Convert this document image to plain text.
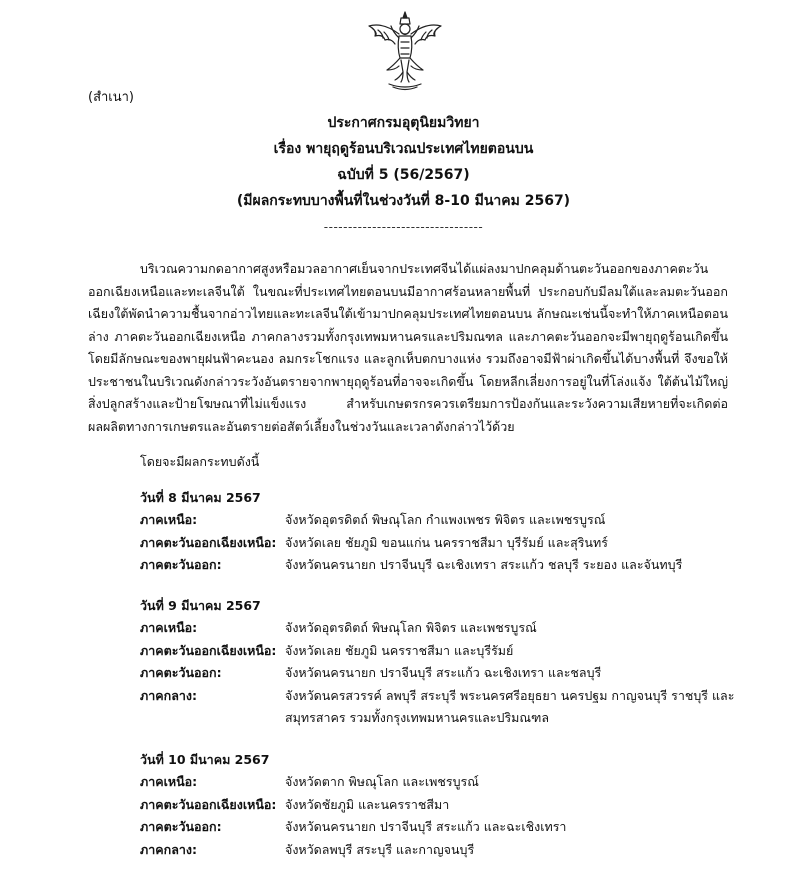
(สำเนา)
ประกาศกรมอุตุนิยมวิทยา
เรื่อง พายุฤดูร้อนบริเวณประเทศไทยตอนบน
ฉบับที่ 5 (56/2567)
(มีผลกระทบบางพื้นที่ในช่วงวันที่ 8-10 มีนาคม 2567)
---------------------------------
บริเวณความกดอากาศสูงหรือมวลอากาศเย็นจากประเทศจีนได้แผ่ลงมาปกคลุมด้านตะวันออกของภาคตะวันออกเฉียงเหนือและทะเลจีนใต้ ในขณะที่ประเทศไทยตอนบนมีอากาศร้อนหลายพื้นที่ ประกอบกับมีลมใต้และลมตะวันออกเฉียงใต้พัดนำความชื้นจากอ่าวไทยและทะเลจีนใต้เข้ามาปกคลุมประเทศไทยตอนบน ลักษณะเช่นนี้จะทำให้ภาคเหนือตอนล่าง ภาคตะวันออกเฉียงเหนือ ภาคกลางรวมทั้งกรุงเทพมหานครและปริมณฑล และภาคตะวันออกจะมีพายุฤดูร้อนเกิดขึ้น โดยมีลักษณะของพายุฝนฟ้าคะนอง ลมกระโชกแรง และลูกเห็บตกบางแห่ง รวมถึงอาจมีฟ้าผ่าเกิดขึ้นได้บางพื้นที่ จึงขอให้ประชาชนในบริเวณดังกล่าวระวังอันตรายจากพายุฤดูร้อนที่อาจจะเกิดขึ้น โดยหลีกเลี่ยงการอยู่ในที่โล่งแจ้ง ใต้ต้นไม้ใหญ่ สิ่งปลูกสร้างและป้ายโฆษณาที่ไม่แข็งแรง สำหรับเกษตรกรควรเตรียมการป้องกันและระวังความเสียหายที่จะเกิดต่อผลผลิตทางการเกษตรและอันตรายต่อสัตว์เลี้ยงในช่วงวันและเวลาดังกล่าวไว้ด้วย
โดยจะมีผลกระทบดังนี้
วันที่ 8 มีนาคม 2567
ภาคเหนือ:	จังหวัดอุตรดิตถ์ พิษณุโลก กำแพงเพชร พิจิตร และเพชรบูรณ์
ภาคตะวันออกเฉียงเหนือ: จังหวัดเลย ชัยภูมิ ขอนแก่น นครราชสีมา บุรีรัมย์ และสุรินทร์
ภาคตะวันออก:	จังหวัดนครนายก ปราจีนบุรี ฉะเชิงเทรา สระแก้ว ชลบุรี ระยอง และจันทบุรี
วันที่ 9 มีนาคม 2567
ภาคเหนือ:	จังหวัดอุตรดิตถ์ พิษณุโลก พิจิตร และเพชรบูรณ์
ภาคตะวันออกเฉียงเหนือ: จังหวัดเลย ชัยภูมิ นครราชสีมา และบุรีรัมย์
ภาคตะวันออก:	จังหวัดนครนายก ปราจีนบุรี สระแก้ว ฉะเชิงเทรา และชลบุรี
ภาคกลาง:	จังหวัดนครสวรรค์ ลพบุรี สระบุรี พระนครศรีอยุธยา นครปฐม กาญจนบุรี ราชบุรี และสมุทรสาคร รวมทั้งกรุงเทพมหานครและปริมณฑล
วันที่ 10 มีนาคม 2567
ภาคเหนือ:	จังหวัดตาก พิษณุโลก และเพชรบูรณ์
ภาคตะวันออกเฉียงเหนือ: จังหวัดชัยภูมิ และนครราชสีมา
ภาคตะวันออก:	จังหวัดนครนายก ปราจีนบุรี สระแก้ว และฉะเชิงเทรา
ภาคกลาง:	จังหวัดลพบุรี สระบุรี และกาญจนบุรี
